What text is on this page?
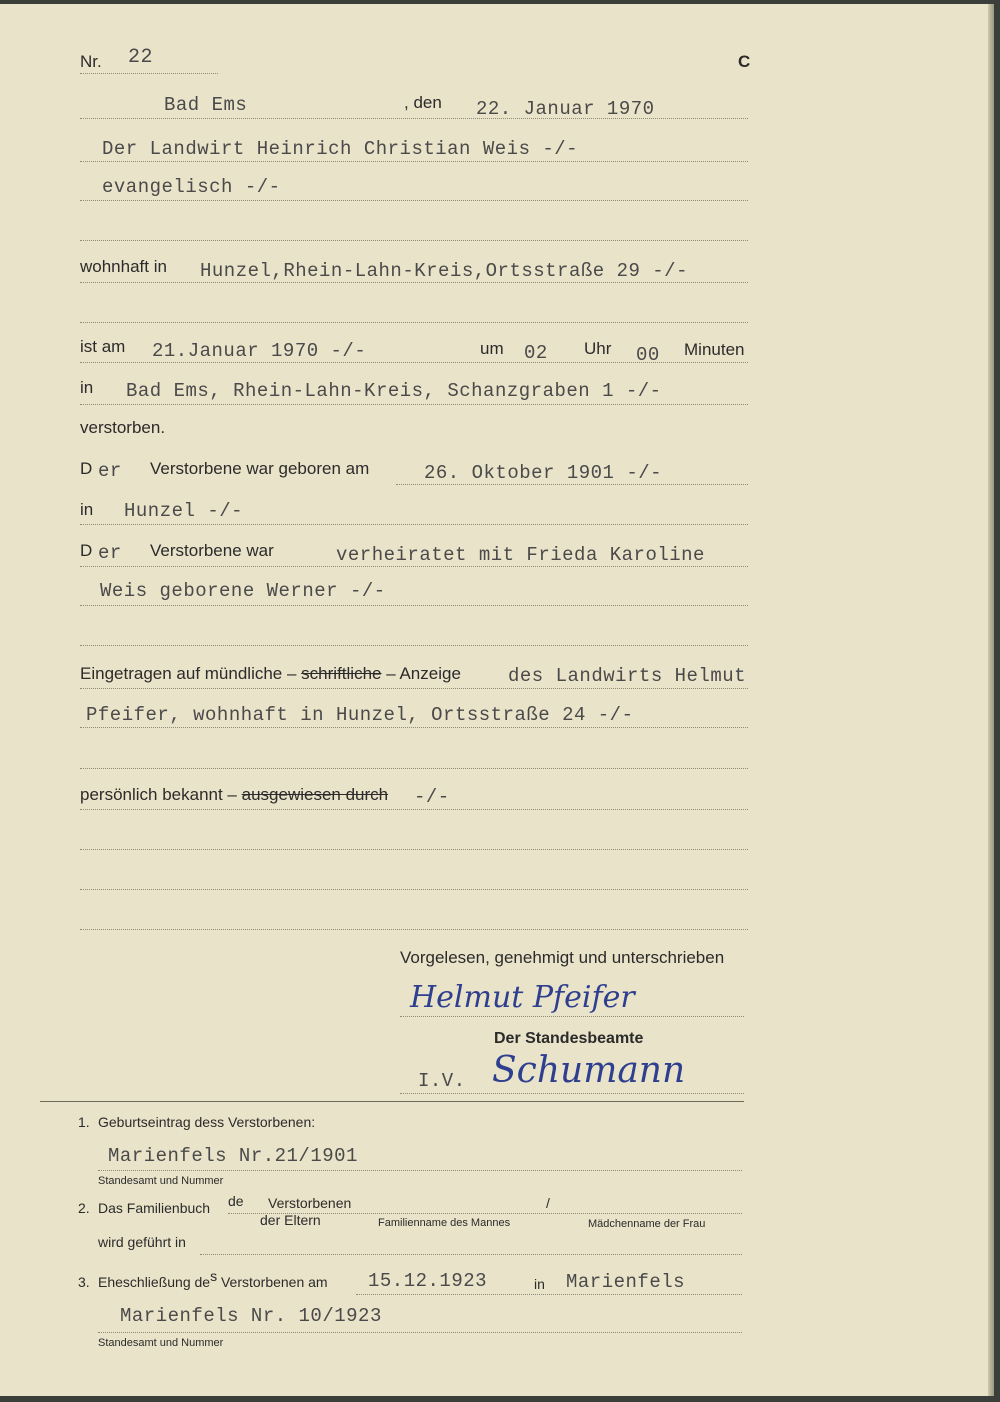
Nr. 22	C
Bad Ems	, den 22. Januar 1970
Der Landwirt Heinrich Christian Weis -/-
evangelisch -/-
wohnhaft in Hunzel,Rhein-Lahn-Kreis,Ortsstraße 29 -/-
ist am 21.Januar 1970 -/-	um 02 Uhr 00 Minuten
in Bad Ems, Rhein-Lahn-Kreis, Schanzgraben 1 -/-
verstorben.
D er Verstorbene war geboren am	26. Oktober 1901 -/-
in Hunzel -/-
D er Verstorbene war	verheiratet mit Frieda Karoline
Weis geborene Werner -/-
Eingetragen auf mündliche – schriftliche – Anzeige des Landwirts Helmut
Pfeifer, wohnhaft in Hunzel, Ortsstraße 24 -/-
persönlich bekannt – ausgewiesen durch -/-
Vorgelesen, genehmigt und unterschrieben
Helmut Pfeifer
Der Standesbeamte
I.V. Schumann
1. Geburtseintrag dess Verstorbenen:
Marienfels Nr.21/1901
Standesamt und Nummer
2. Das Familienbuch de Verstorbenen	/
der Eltern	Familienname des Mannes	Mädchenname der Frau
wird geführt in
3. Eheschließung des Verstorbenen am 15.12.1923	in Marienfels
Marienfels Nr. 10/1923
Standesamt und Nummer
